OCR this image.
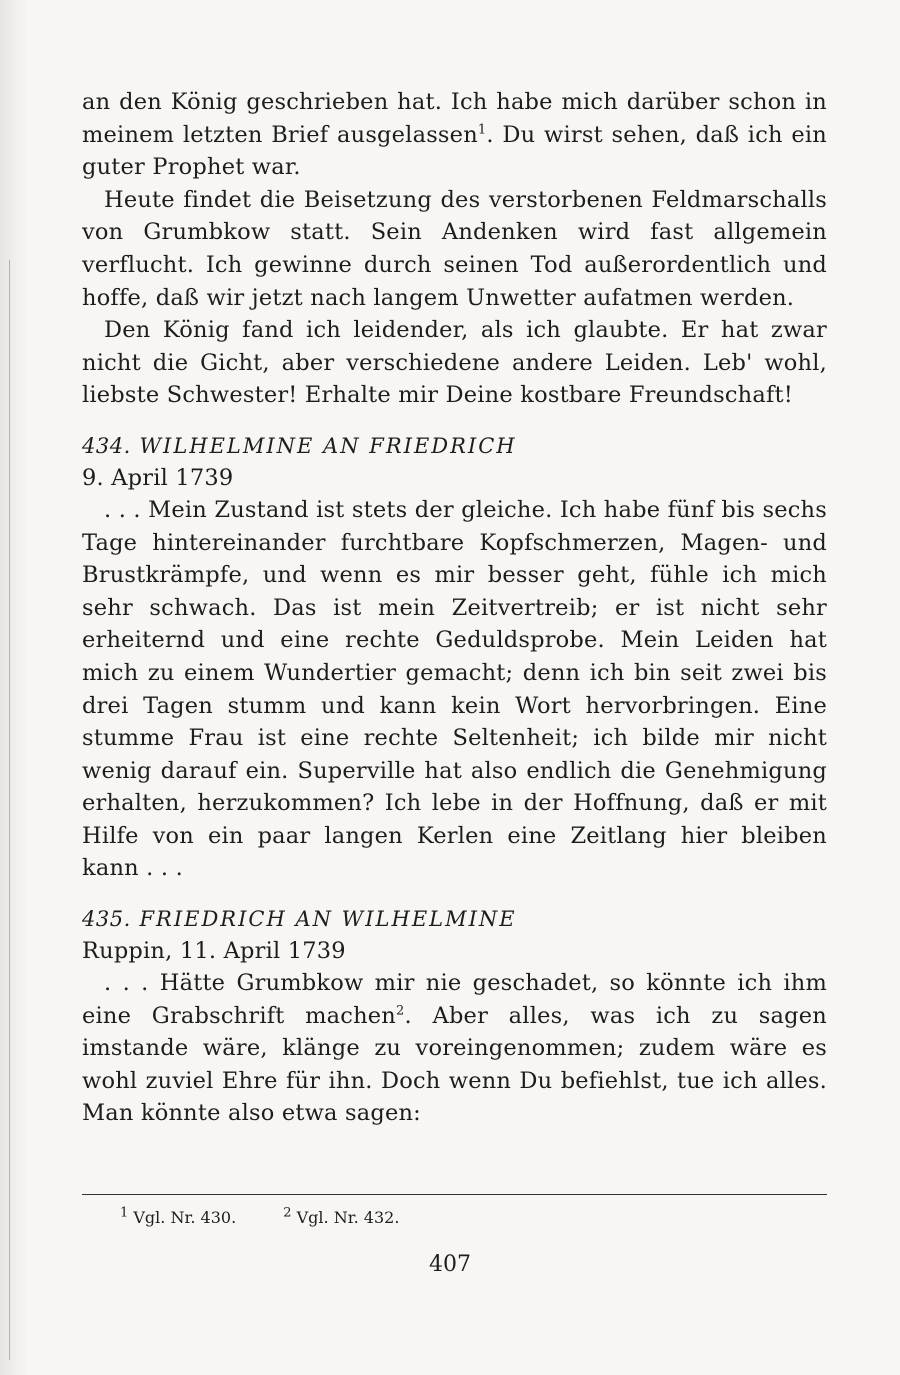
an den König geschrieben hat. Ich habe mich darüber schon in meinem letzten Brief ausgelassen$^1$. Du wirst sehen, daß ich ein guter Prophet war.

Heute findet die Beisetzung des verstorbenen Feldmarschalls von Grumbkow statt. Sein Andenken wird fast allgemein verflucht. Ich gewinne durch seinen Tod außerordentlich und hoffe, daß wir jetzt nach langem Unwetter aufatmen werden.

Den König fand ich leidender, als ich glaubte. Er hat zwar nicht die Gicht, aber verschiedene andere Leiden. Leb' wohl, liebste Schwester! Erhalte mir Deine kostbare Freundschaft!

434. WILHELMINE AN FRIEDRICH

9. April 1739

. . . Mein Zustand ist stets der gleiche. Ich habe fünf bis sechs Tage hintereinander furchtbare Kopfschmerzen, Magen- und Brustkrämpfe, und wenn es mir besser geht, fühle ich mich sehr schwach. Das ist mein Zeitvertreib; er ist nicht sehr erheiternd und eine rechte Geduldsprobe. Mein Leiden hat mich zu einem Wundertier gemacht; denn ich bin seit zwei bis drei Tagen stumm und kann kein Wort hervorbringen. Eine stumme Frau ist eine rechte Seltenheit; ich bilde mir nicht wenig darauf ein. Superville hat also endlich die Genehmigung erhalten, herzukommen? Ich lebe in der Hoffnung, daß er mit Hilfe von ein paar langen Kerlen eine Zeitlang hier bleiben kann . . .

435. FRIEDRICH AN WILHELMINE

Ruppin, 11. April 1739

. . . Hätte Grumbkow mir nie geschadet, so könnte ich ihm eine Grabschrift machen$^2$. Aber alles, was ich zu sagen imstande wäre, klänge zu voreingenommen; zudem wäre es wohl zuviel Ehre für ihn. Doch wenn Du befiehlst, tue ich alles. Man könnte also etwa sagen:

$^1$ Vgl. Nr. 430.	$^2$ Vgl. Nr. 432.
407
